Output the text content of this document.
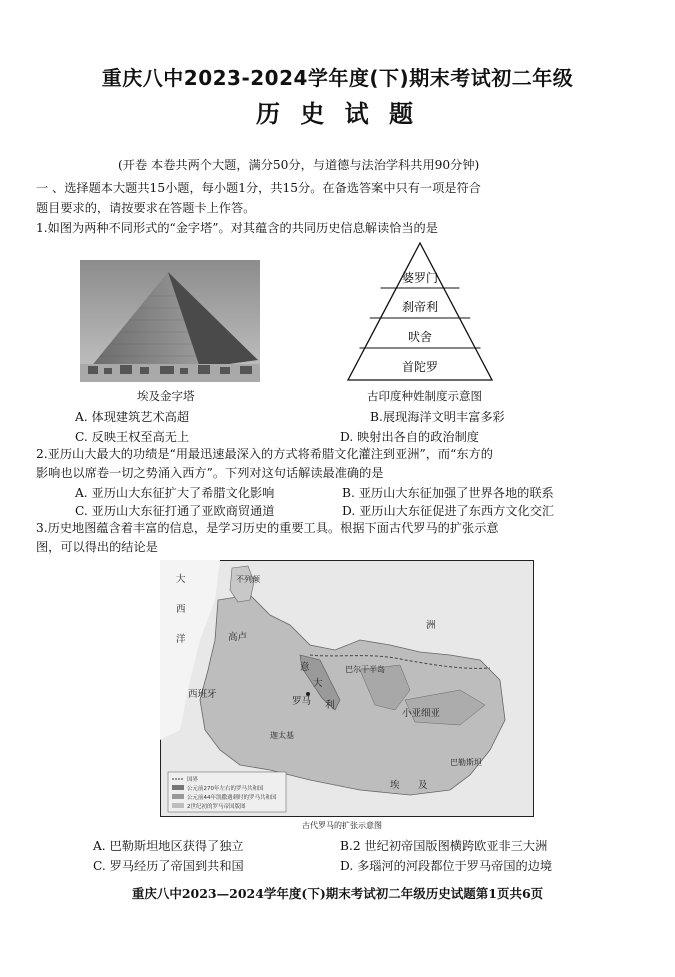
重庆八中2023-2024学年度(下)期末考试初二年级
历 史 试 题
(开卷 本卷共两个大题，满分50分，与道德与法治学科共用90分钟)
一 、选择题本大题共15小题，每小题1分，共15分。在备选答案中只有一项是符合
题目要求的，请按要求在答题卡上作答。
1.如图为两种不同形式的“金字塔”。对其蕴含的共同历史信息解读恰当的是
埃及金字塔
婆罗门
刹帝利
吠舍
首陀罗
古印度种姓制度示意图
A. 体现建筑艺术高超	B.展现海洋文明丰富多彩
C. 反映王权至高无上	D. 映射出各自的政治制度
2.亚历山大最大的功绩是“用最迅速最深入的方式将希腊文化灌注到亚洲”，而“东方的
影响也以席卷一切之势涌入西方”。下列对这句话解读最准确的是
A. 亚历山大东征扩大了希腊文化影响	B. 亚历山大东征加强了世界各地的联系
C. 亚历山大东征打通了亚欧商贸通道	D. 亚历山大东征促进了东西方文化交汇
3.历史地图蕴含着丰富的信息，是学习历史的重要工具。根据下面古代罗马的扩张示意
图，可以得出的结论是
大
西
洋
不列颠
高卢
西班牙
意
大
利
罗马
巴尔干半岛
小亚细亚
巴勒斯坦
迦太基
埃 及
洲
国界
公元前270年左右的罗马共和国
公元前44年凯撒遇刺时的罗马共和国
2世纪初的罗马帝国版图
古代罗马的扩张示意图
A. 巴勒斯坦地区获得了独立	B.2 世纪初帝国版图横跨欧亚非三大洲
C. 罗马经历了帝国到共和国	D. 多瑙河的河段都位于罗马帝国的边境
重庆八中2023—2024学年度(下)期末考试初二年级历史试题第1页共6页
